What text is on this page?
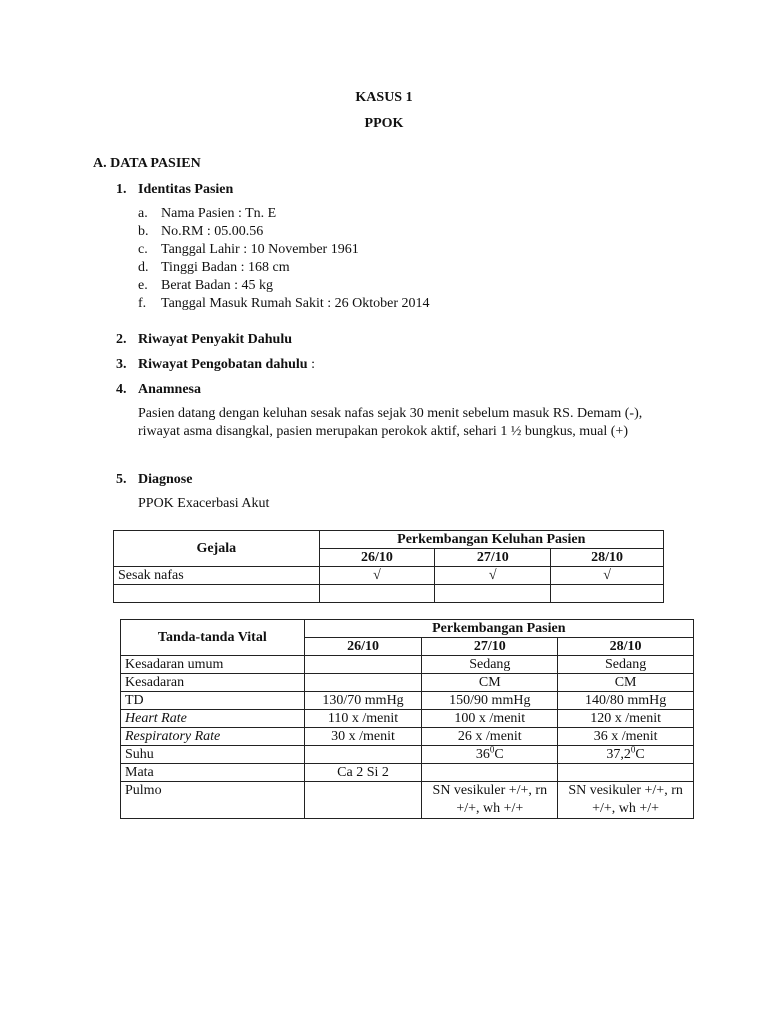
KASUS 1
PPOK
A. DATA PASIEN
1. Identitas Pasien
a. Nama Pasien : Tn. E
b. No.RM : 05.00.56
c. Tanggal Lahir : 10 November 1961
d. Tinggi Badan : 168 cm
e. Berat Badan : 45 kg
f.	Tanggal Masuk Rumah Sakit : 26 Oktober 2014
2. Riwayat Penyakit Dahulu
3. Riwayat Pengobatan dahulu :
4. Anamnesa
Pasien datang dengan keluhan sesak nafas sejak 30 menit sebelum masuk RS. Demam (-), riwayat asma disangkal, pasien merupakan perokok aktif, sehari 1 ½ bungkus, mual (+)
5. Diagnose
PPOK Exacerbasi Akut
Gejala	Perkembangan Keluhan Pasien		
	26/10	27/10	28/10
Sesak nafas	√	√	√

Tanda-tanda Vital	Perkembangan Pasien		
	26/10	27/10	28/10
Kesadaran umum		Sedang	Sedang
Kesadaran		CM	CM
TD	130/70 mmHg	150/90 mmHg	140/80 mmHg
Heart Rate	110 x /menit	100 x /menit	120 x /menit
Respiratory Rate	30 x /menit	26 x /menit	36 x /menit
Suhu		$36^0C$	37,2$^0$C
Mata	Ca 2 Si 2		
Pulmo		SN vesikuler +/+, rn +/+, wh +/+	SN vesikuler +/+, rn +/+, wh +/+
